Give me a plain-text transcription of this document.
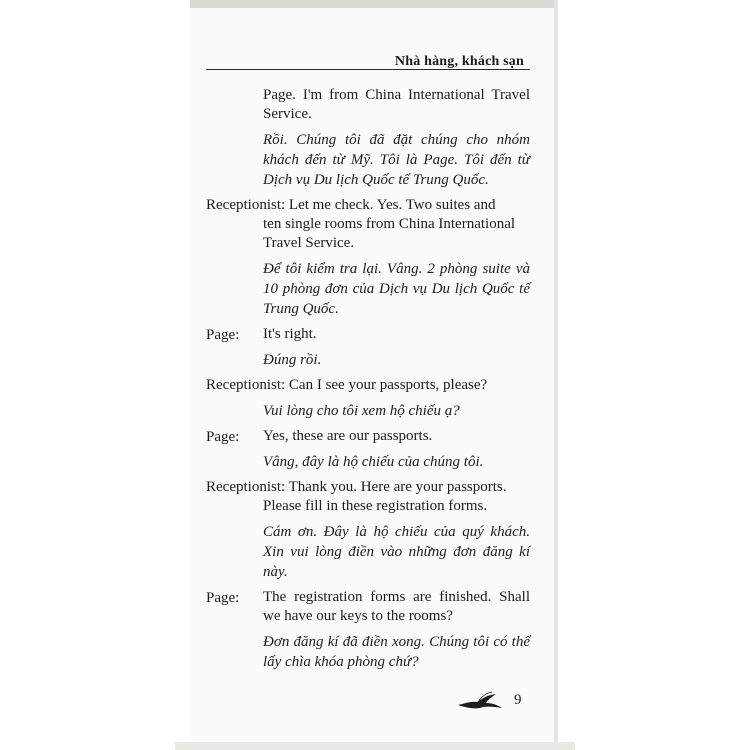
Nhà hàng, khách sạn

Page. I'm from China International Travel Service.

Rồi. Chúng tôi đã đặt chúng cho nhóm khách đến từ Mỹ. Tôi là Page. Tôi đến từ Dịch vụ Du lịch Quốc tế Trung Quốc.

Receptionist: Let me check. Yes. Two suites and

ten single rooms from China International Travel Service.

Để tôi kiểm tra lại. Vâng. 2 phòng suite và 10 phòng đơn của Dịch vụ Du lịch Quốc tế Trung Quốc.

Page: It's right.

Đúng rồi.

Receptionist: Can I see your passports, please?

Vui lòng cho tôi xem hộ chiếu ạ?

Page: Yes, these are our passports.

Vâng, đây là hộ chiếu của chúng tôi.

Receptionist: Thank you. Here are your passports.

Please fill in these registration forms.

Cám ơn. Đây là hộ chiếu của quý khách. Xin vui lòng điền vào những đơn đăng kí này.

Page: The registration forms are finished. Shall we have our keys to the rooms?

Đơn đăng kí đã điền xong. Chúng tôi có thể lấy chìa khóa phòng chứ?

9
